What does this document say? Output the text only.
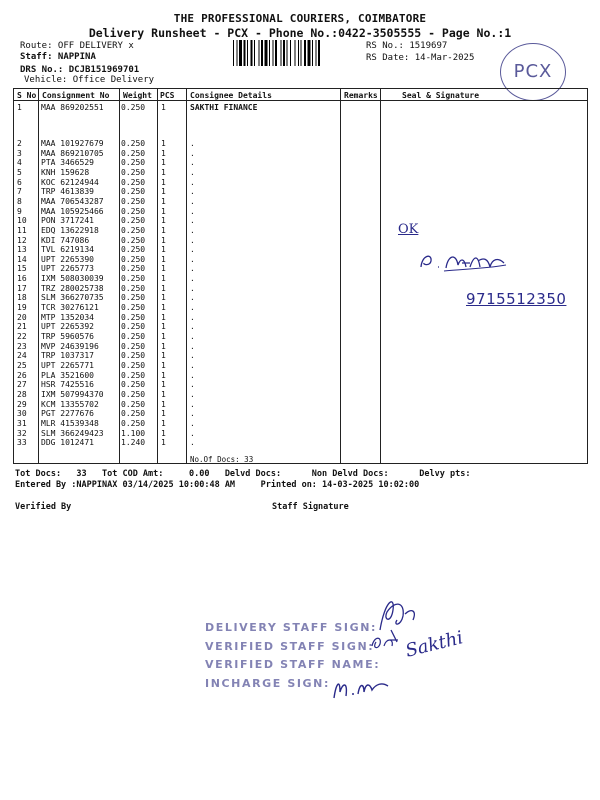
THE PROFESSIONAL COURIERS, COIMBATORE
Delivery Runsheet - PCX - Phone No.:0422-3505555 - Page No.:1
Route: OFF DELIVERY x
Staff: NAPPINA
DRS No.: DCJB151969701
Vehicle: Office Delivery
RS No.: 1519697
RS Date: 14-Mar-2025
PCX
S No Consignment No Weight PCS Consignee Details	Remarks	Seal & Signature
1 MAA 869202551 0.250 1	SAKTHI FINANCE
2 MAA 101927679 0.250 1	.
3 MAA 869210705 0.250 1	.
4 PTA 3466529	0.250 1	.
5 KNH 159628	0.250 1	.
6 KOC 62124944	0.250 1	.
7 TRP 4613839	0.250 1	.
8 MAA 706543287 0.250 1	.
9 MAA 105925466 0.250 1	.
10 PON 3717241	0.250 1	.
11 EDQ 13622918	0.250 1	.
12 KDI 747086	0.250 1	.
13 TVL 6219134	0.250 1	.
14 UPT 2265390	0.250 1	.
15 UPT 2265773	0.250 1	.
16 IXM 508030039 0.250 1	.
17 TRZ 280025738 0.250 1	.
18 SLM 366270735 0.250 1	.
19 TCR 30276121	0.250 1	.
20 MTP 1352034	0.250 1	.
21 UPT 2265392	0.250 1	.
22 TRP 5960576	0.250 1	.
23 MVP 24639196	0.250 1	.
24 TRP 1037317	0.250 1	.
25 UPT 2265771	0.250 1	.
26 PLA 3521600	0.250 1	.
27 HSR 7425516	0.250 1	.
28 IXM 507994370 0.250 1	.
29 KCM 13355702	0.250 1	.
30 PGT 2277676	0.250 1	.
31 MLR 41539348	0.250 1	.
32 SLM 366249423 1.100 1	.
33 DDG 1012471	1.240 1	.
No.Of Docs: 33
Tot Docs:   33   Tot COD Amt:     0.00   Delvd Docs:      Non Delvd Docs:      Delvy pts:
Entered By :NAPPINAX 03/14/2025 10:00:48 AM     Printed on: 14-03-2025 10:02:00
Verified By	Staff Signature
DELIVERY STAFF SIGN:
VERIFIED STAFF SIGN:
VERIFIED STAFF NAME:
INCHARGE SIGN:
OK
9715512350
Sakthi
